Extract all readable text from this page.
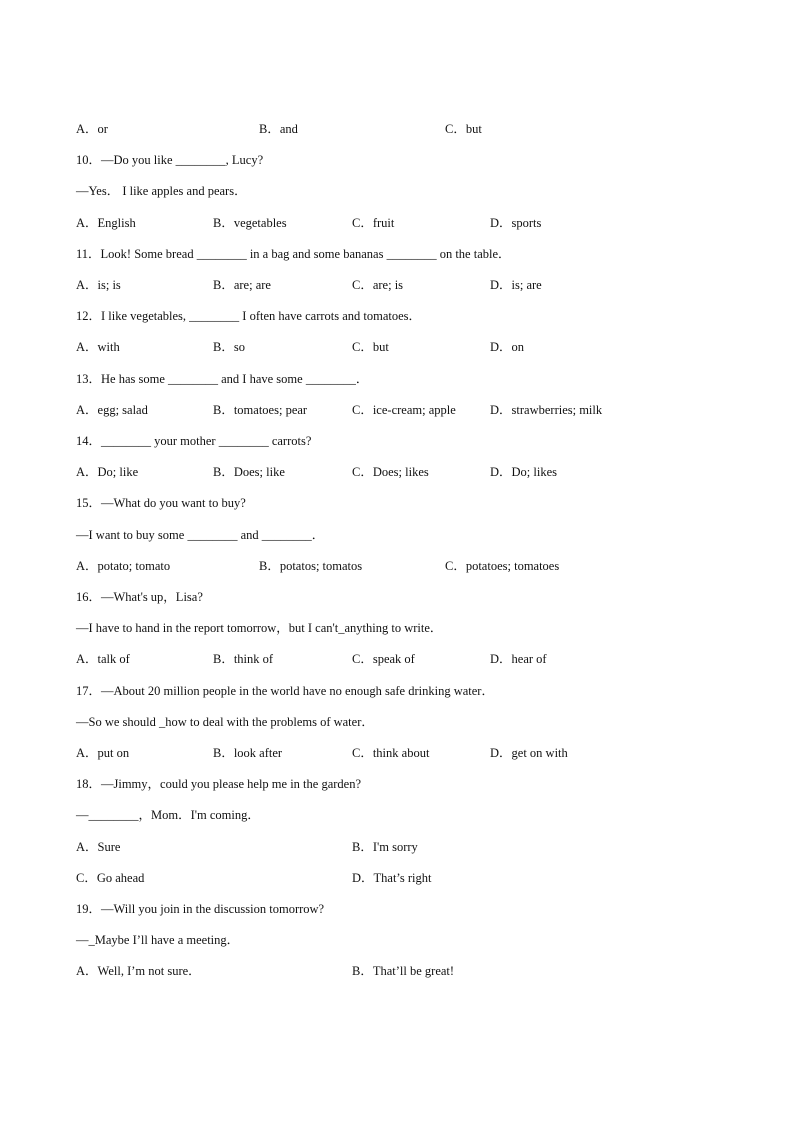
A．or	B．and	C．but
10．—Do you like ________, Lucy?
—Yes． I like apples and pears．
A．English	B．vegetables	C．fruit	D．sports
11．Look! Some bread ________ in a bag and some bananas ________ on the table．
A．is; is	B．are; are	C．are; is	D．is; are
12．I like vegetables, ________ I often have carrots and tomatoes．
A．with	B．so	C．but	D．on
13．He has some ________ and I have some ________．
A．egg; salad	B．tomatoes; pear	C．ice-cream; apple	D．strawberries; milk
14．________ your mother ________ carrots?
A．Do; like	B．Does; like	C．Does; likes	D．Do; likes
15．—What do you want to buy?
—I want to buy some ________ and ________．
A．potato; tomato	B．potatos; tomatos	C．potatoes; tomatoes
16．—What's up，Lisa?
—I have to hand in the report tomorrow，but I can't_anything to write．
A．talk of	B．think of	C．speak of	D．hear of
17．—About 20 million people in the world have no enough safe drinking water．
—So we should _how to deal with the problems of water．
A．put on	B．look after	C．think about	D．get on with
18．—Jimmy，could you please help me in the garden?
—________，Mom．I'm coming．
A．Sure	B．I'm sorry
C．Go ahead	D．That’s right
19．—Will you join in the discussion tomorrow?
—_Maybe I’ll have a meeting．
A．Well, I’m not sure．	B．That’ll be great!
